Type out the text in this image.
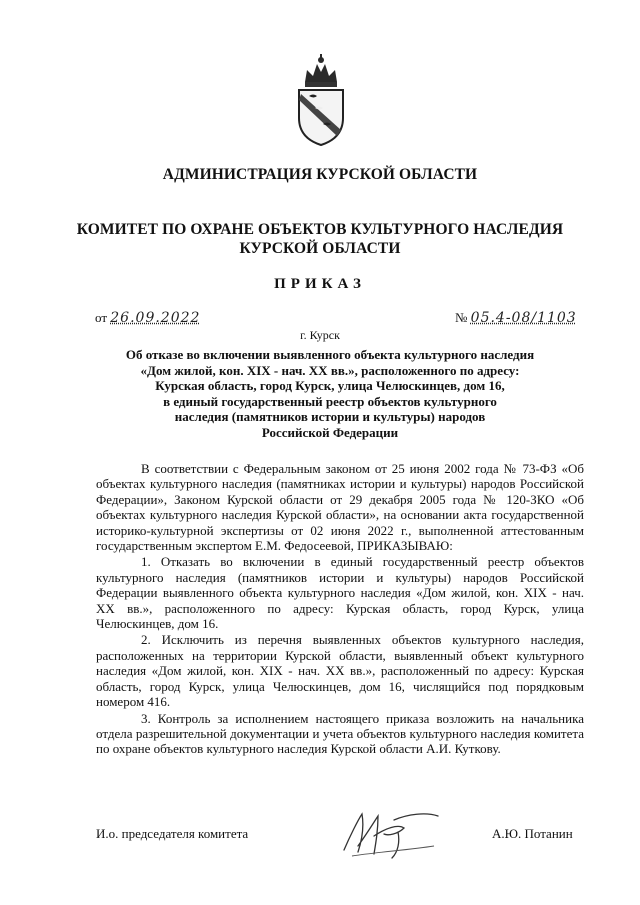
АДМИНИСТРАЦИЯ КУРСКОЙ ОБЛАСТИ
КОМИТЕТ ПО ОХРАНЕ ОБЪЕКТОВ КУЛЬТУРНОГО НАСЛЕДИЯ
КУРСКОЙ ОБЛАСТИ
ПРИКАЗ
от 26.09.2022	№ 05.4-08/1103
г. Курск
Об отказе во включении выявленного объекта культурного наследия
«Дом жилой, кон. XIX - нач. XX вв.», расположенного по адресу:
Курская область, город Курск, улица Челюскинцев, дом 16,
в единый государственный реестр объектов культурного
наследия (памятников истории и культуры) народов
Российской Федерации

В соответствии с Федеральным законом от 25 июня 2002 года № 73-ФЗ «Об объектах культурного наследия (памятниках истории и культуры) народов Российской Федерации», Законом Курской области от 29 декабря 2005 года № 120-ЗКО «Об объектах культурного наследия Курской области», на основании акта государственной историко-культурной экспертизы от 02 июня 2022 г., выполненной аттестованным государственным экспертом Е.М. Федосеевой, ПРИКАЗЫВАЮ:

1. Отказать во включении в единый государственный реестр объектов культурного наследия (памятников истории и культуры) народов Российской Федерации выявленного объекта культурного наследия «Дом жилой, кон. XIX - нач. XX вв.», расположенного по адресу: Курская область, город Курск, улица Челюскинцев, дом 16.

2. Исключить из перечня выявленных объектов культурного наследия, расположенных на территории Курской области, выявленный объект культурного наследия «Дом жилой, кон. XIX - нач. XX вв.», расположенный по адресу: Курская область, город Курск, улица Челюскинцев, дом 16, числящийся под порядковым номером 416.

3. Контроль за исполнением настоящего приказа возложить на начальника отдела разрешительной документации и учета объектов культурного наследия комитета по охране объектов культурного наследия Курской области А.И. Куткову.

И.о. председателя комитета	А.Ю. Потанин
